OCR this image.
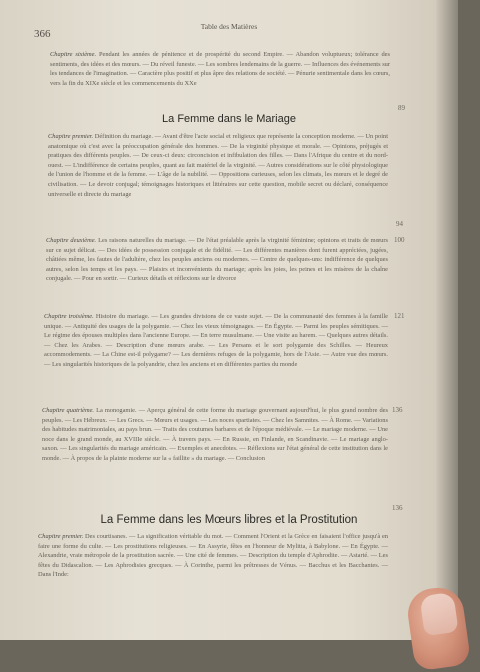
366
Table des Matières
Chapitre sixième. Pendant les années de pénitence et de prospérité du second Empire. — Abandon voluptueux; tolérance des sentiments, des idées et des mœurs. — Du réveil funeste. — Les sombres lendemains de la guerre. — Influences des événements sur les tendances de l'imagination. — Caractère plus positif et plus âpre des relations de société. — Pénurie sentimentale dans les cœurs, vers la fin du XIXe siècle et les commencements du XXe
89
La Femme dans le Mariage
Chapitre premier. Définition du mariage. — Avant d'être l'acte social et religieux que représente la conception moderne. — Un point anatomique où c'est avec la préoccupation générale des hommes. — De la virginité physique et morale. — Opinions, préjugés et pratiques des différents peuples. — De ceux-ci deux: circoncision et infibulation des filles. — Dans l'Afrique du centre et du nord-ouest. — L'indifférence de certains peuples, quant au fait matériel de la virginité. — Autres considérations sur le côté physiologique de l'union de l'homme et de la femme. — L'âge de la nubilité. — Oppositions curieuses, selon les climats, les mœurs et le degré de civilisation. — Le devoir conjugal; témoignages historiques et littéraires sur cette question, mobile secret ou déclaré, conséquence universelle et directe du mariage
94
Chapitre deuxième. Les raisons naturelles du mariage. — De l'état préalable après la virginité féminine; opinions et traits de mœurs sur ce sujet délicat. — Des idées de possession conjugale et de fidélité. — Les différentes manières dont furent appréciées, jugées, châtiées même, les fautes de l'adultère, chez les peuples anciens ou modernes. — Contre de quelques-uns: indifférence de quelques autres, selon les temps et les pays. — Plaisirs et inconvénients du mariage; après les joies, les peines et les misères de la chaîne conjugale. — Pour en sortir. — Curieux détails et réflexions sur le divorce
100
Chapitre troisième. Histoire du mariage. — Les grandes divisions de ce vaste sujet. — De la communauté des femmes à la famille unique. — Antiquité des usages de la polygamie. — Chez les vieux témoignages. — En Égypte. — Parmi les peuples sémitiques. — Le régime des épouses multiples dans l'ancienne Europe. — En terre musulmane. — Une visite au harem. — Quelques autres détails. — Chez les Arabes. — Description d'une mœurs arabe. — Les Persans et le sort polygamie des Schilles. — Heureux accommodements. — La Chine est-il polygame? — Les dernières refuges de la polygamie, hors de l'Asie. — Autre vue des mœurs. — Les singularités historiques de la polyandrie, chez les anciens et en différentes parties du monde
121
Chapitre quatrième. La monogamie. — Aperçu général de cette forme du mariage gouvernant aujourd'hui, le plus grand nombre des peuples. — Les Hébreux. — Les Grecs. — Mœurs et usages. — Les noces spartiates. — Chez les Samnites. — À Rome. — Variations des habitudes matrimoniales, au pays brun. — Traits des coutumes barbares et de l'époque médiévale. — Le mariage moderne. — Une noce dans le grand monde, au XVIIIe siècle. — À travers pays. — En Russie, en Finlande, en Scandinavie. — Le mariage anglo-saxon. — Les singularités du mariage américain. — Exemples et anecdotes. — Réflexions sur l'état général de cette institution dans le monde. — À propos de la plainte moderne sur la « faillite » du mariage. — Conclusion
136
136
La Femme dans les Mœurs libres et la Prostitution
Chapitre premier. Des courtisanes. — La signification véritable du mot. — Comment l'Orient et la Grèce en faisaient l'office jusqu'à en faire une forme du culte. — Les prostitutions religieuses. — En Assyrie, fêtes en l'honneur de Mylitta, à Babylone. — En Égypte. — Alexandrie, vraie métropole de la prostitution sacrée. — Une cité de femmes. — Description du temple d'Aphrodite. — Astarté. — Les fêtes du Didascalion. — Les Aphrodisies grecques. — À Corinthe, parmi les prêtresses de Vénus. — Bacchus et les Bacchantes. — Dans l'Inde:
